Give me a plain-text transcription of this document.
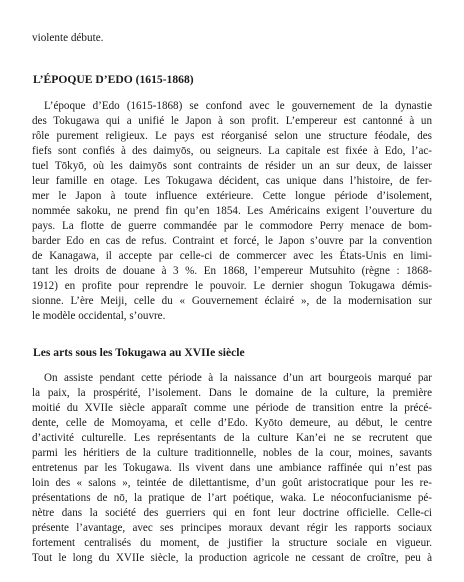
violente débute.
L’ÉPOQUE D’EDO (1615-1868)
L’époque d’Edo (1615-1868) se confond avec le gouvernement de la dynastie
des Tokugawa qui a unifié le Japon à son profit. L’empereur est cantonné à un
rôle purement religieux. Le pays est réorganisé selon une structure féodale, des
fiefs sont confiés à des daimyōs, ou seigneurs. La capitale est fixée à Edo, l’ac-
tuel Tōkyō, où les daimyōs sont contraints de résider un an sur deux, de laisser
leur famille en otage. Les Tokugawa décident, cas unique dans l’histoire, de fer-
mer le Japon à toute influence extérieure. Cette longue période d’isolement,
nommée sakoku, ne prend fin qu’en 1854. Les Américains exigent l’ouverture du
pays. La flotte de guerre commandée par le commodore Perry menace de bom-
barder Edo en cas de refus. Contraint et forcé, le Japon s’ouvre par la convention
de Kanagawa, il accepte par celle-ci de commercer avec les États-Unis en limi-
tant les droits de douane à 3 %. En 1868, l’empereur Mutsuhito (règne : 1868-
1912) en profite pour reprendre le pouvoir. Le dernier shogun Tokugawa démis-
sionne. L’ère Meiji, celle du « Gouvernement éclairé », de la modernisation sur
le modèle occidental, s’ouvre.
Les arts sous les Tokugawa au XVIIe siècle
On assiste pendant cette période à la naissance d’un art bourgeois marqué par
la paix, la prospérité, l’isolement. Dans le domaine de la culture, la première
moitié du XVIIe siècle apparaît comme une période de transition entre la précé-
dente, celle de Momoyama, et celle d’Edo. Kyōto demeure, au début, le centre
d’activité culturelle. Les représentants de la culture Kan’ei ne se recrutent que
parmi les héritiers de la culture traditionnelle, nobles de la cour, moines, savants
entretenus par les Tokugawa. Ils vivent dans une ambiance raffinée qui n’est pas
loin des « salons », teintée de dilettantisme, d’un goût aristocratique pour les re-
présentations de nō, la pratique de l’art poétique, waka. Le néoconfucianisme pé-
nètre dans la société des guerriers qui en font leur doctrine officielle. Celle-ci
présente l’avantage, avec ses principes moraux devant régir les rapports sociaux
fortement centralisés du moment, de justifier la structure sociale en vigueur.
Tout le long du XVIIe siècle, la production agricole ne cessant de croître, peu à
